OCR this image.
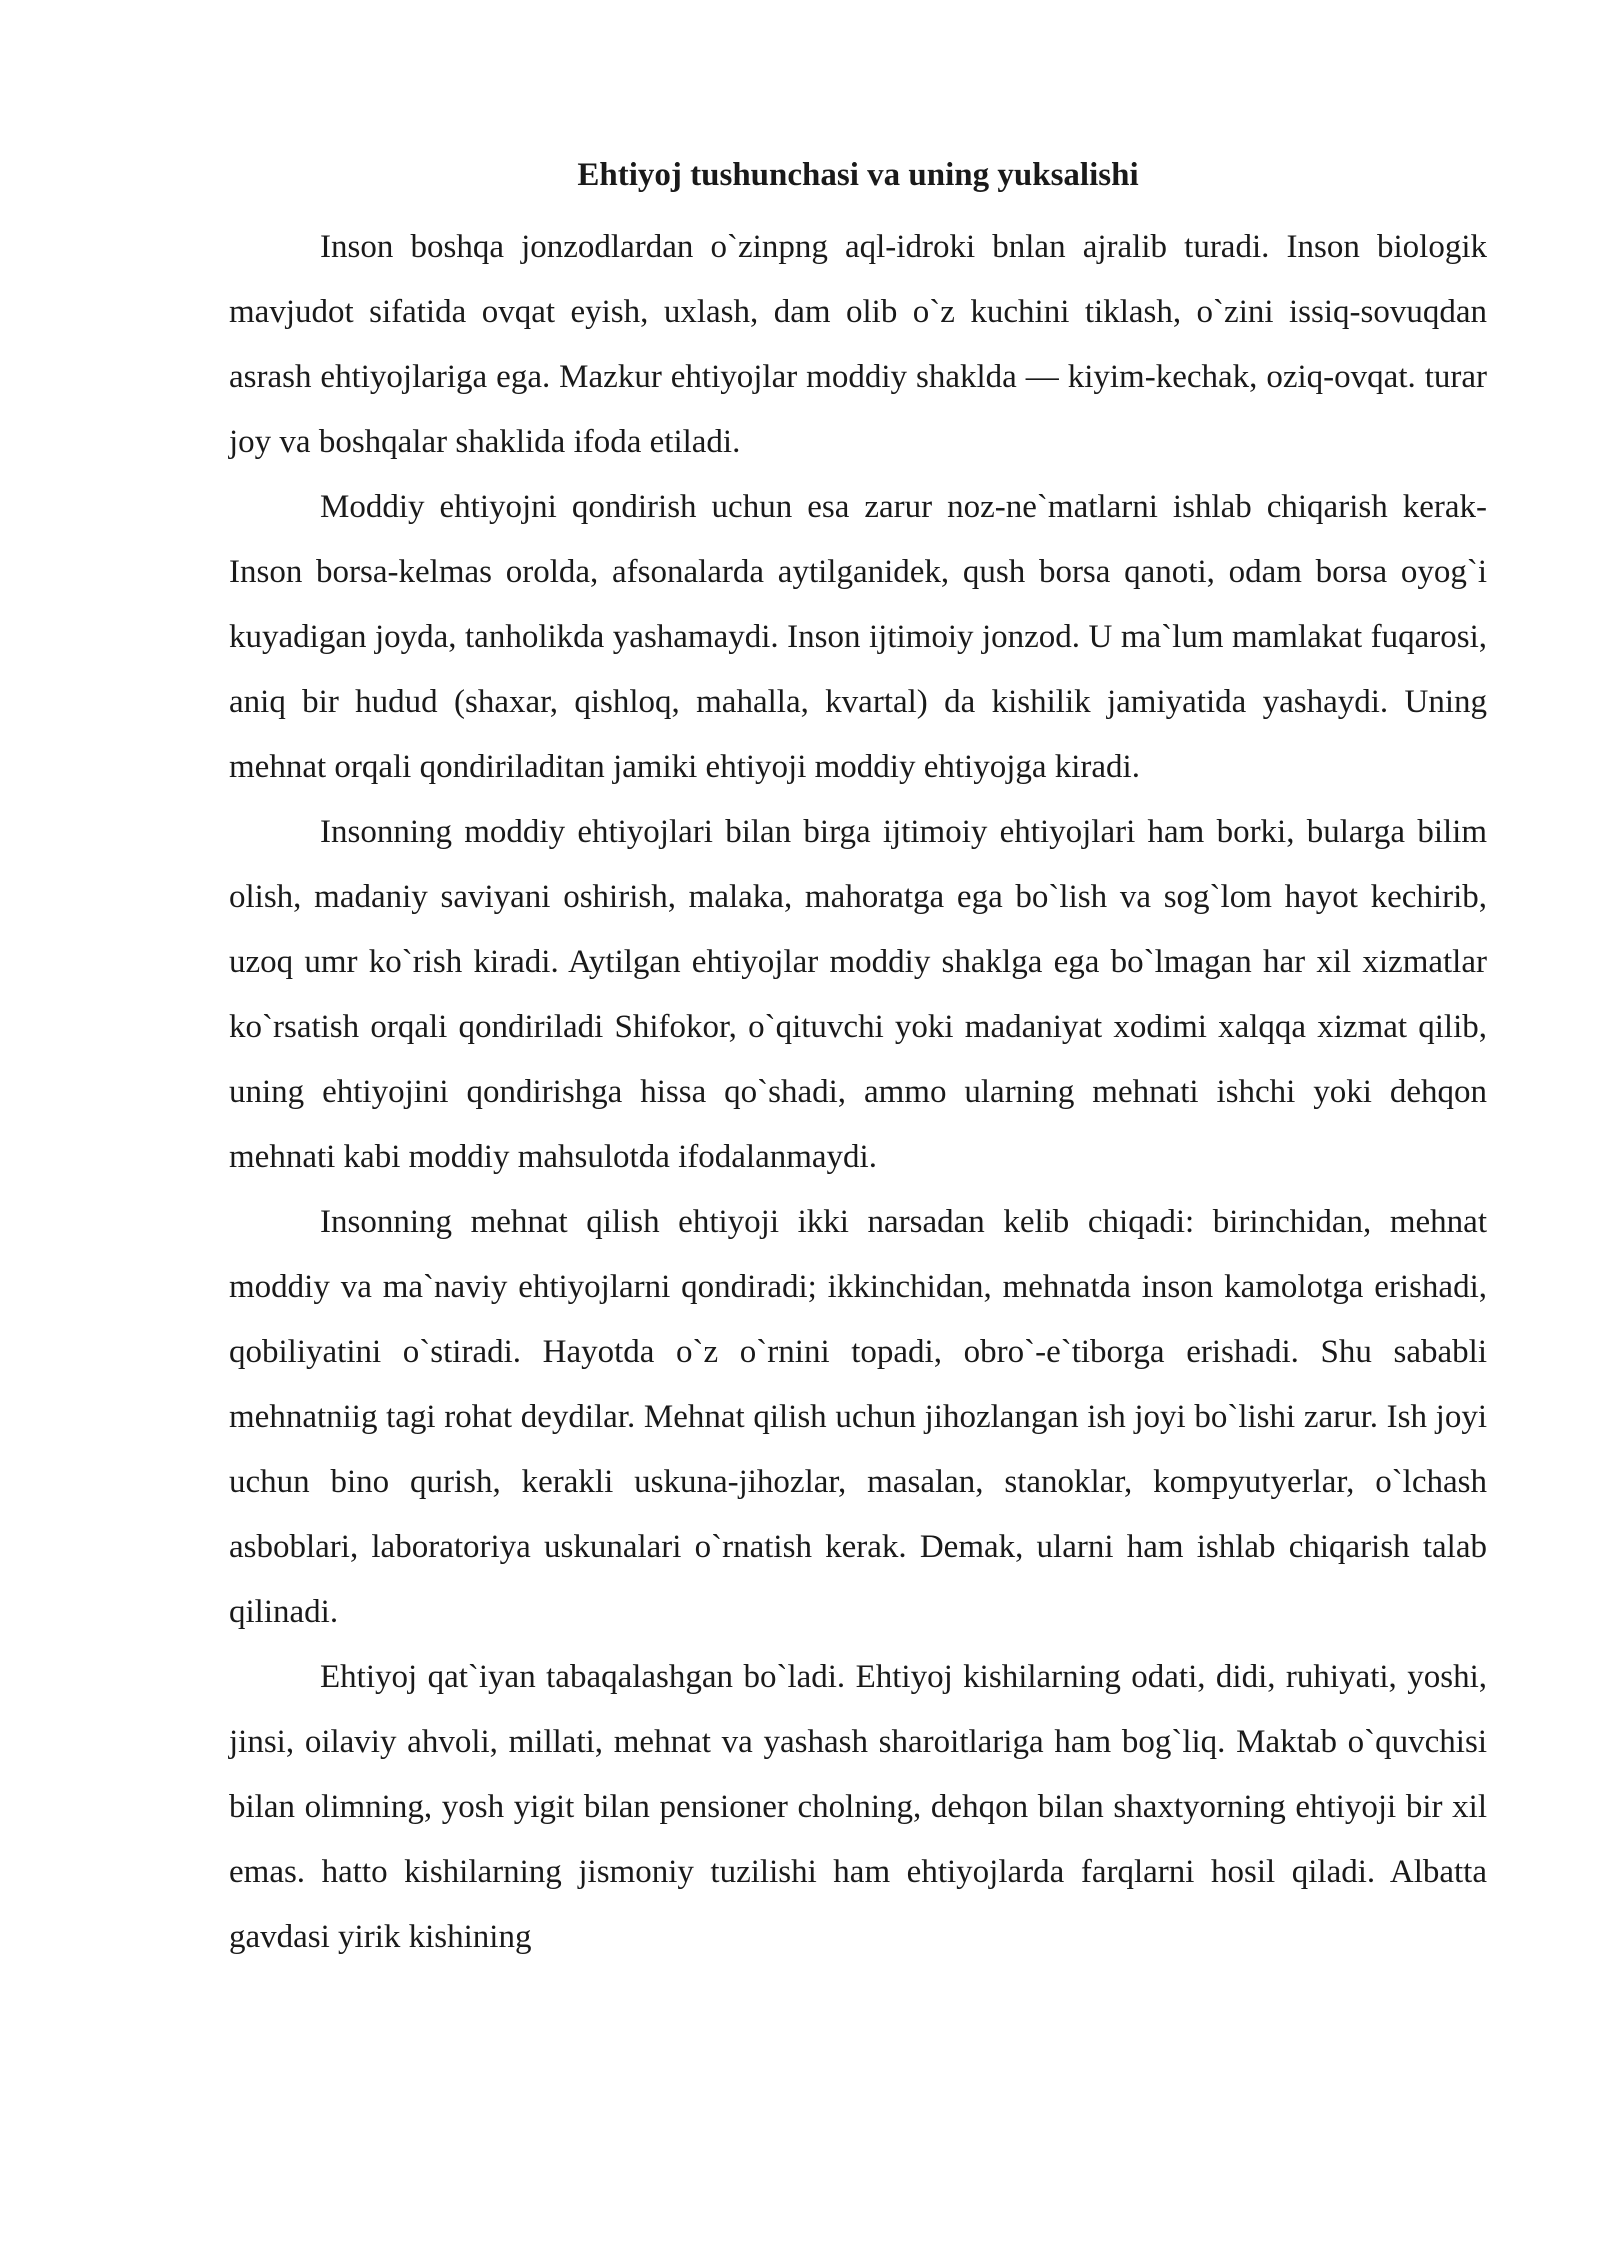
Ehtiyoj tushunchasi va uning yuksalishi

Inson boshqa jonzodlardan o`zinpng aql-idroki bnlan ajralib turadi. Inson biologik mavjudot sifatida ovqat eyish, uxlash, dam olib o`z kuchini tiklash, o`zini issiq-sovuqdan asrash ehtiyojlariga ega. Mazkur ehtiyojlar moddiy shaklda — kiyim-kechak, oziq-ovqat. turar joy va boshqalar shaklida ifoda etiladi.

Moddiy ehtiyojni qondirish uchun esa zarur noz-ne`matlarni ishlab chiqarish kerak- Inson borsa-kelmas orolda, afsonalarda aytilganidek, qush borsa qanoti, odam borsa oyog`i kuyadigan joyda, tanholikda yashamaydi. Inson ijtimoiy jonzod. U ma`lum mamlakat fuqarosi, aniq bir hudud (shaxar, qishloq, mahalla, kvartal) da kishilik jamiyatida yashaydi. Uning mehnat orqali qondiriladitan jamiki ehtiyoji moddiy ehtiyojga kiradi.

Insonning moddiy ehtiyojlari bilan birga ijtimoiy ehtiyojlari ham borki, bularga bilim olish, madaniy saviyani oshirish, malaka, mahoratga ega bo`lish va sog`lom hayot kechirib, uzoq umr ko`rish kiradi. Aytilgan ehtiyojlar moddiy shaklga ega bo`lmagan har xil xizmatlar ko`rsatish orqali qondiriladi Shifokor, o`qituvchi yoki madaniyat xodimi xalqqa xizmat qilib, uning ehtiyojini qondirishga hissa qo`shadi, ammo ularning mehnati ishchi yoki dehqon mehnati kabi moddiy mahsulotda ifodalanmaydi.

Insonning mehnat qilish ehtiyoji ikki narsadan kelib chiqadi: birinchidan, mehnat moddiy va ma`naviy ehtiyojlarni qondiradi; ikkinchidan, mehnatda inson kamolotga erishadi, qobiliyatini o`stiradi. Hayotda o`z o`rnini topadi, obro`-e`tiborga erishadi. Shu sababli mehnatniig tagi rohat deydilar. Mehnat qilish uchun jihozlangan ish joyi bo`lishi zarur. Ish joyi uchun bino qurish, kerakli uskuna-jihozlar, masalan, stanoklar, kompyutyerlar, o`lchash asboblari, laboratoriya uskunalari o`rnatish kerak. Demak, ularni ham ishlab chiqarish talab qilinadi.

Ehtiyoj qat`iyan tabaqalashgan bo`ladi. Ehtiyoj kishilarning odati, didi, ruhiyati, yoshi, jinsi, oilaviy ahvoli, millati, mehnat va yashash sharoitlariga ham bog`liq. Maktab o`quvchisi bilan olimning, yosh yigit bilan pensioner cholning, dehqon bilan shaxtyorning ehtiyoji bir xil emas. hatto kishilarning jismoniy tuzilishi ham ehtiyojlarda farqlarni hosil qiladi. Albatta gavdasi yirik kishining
